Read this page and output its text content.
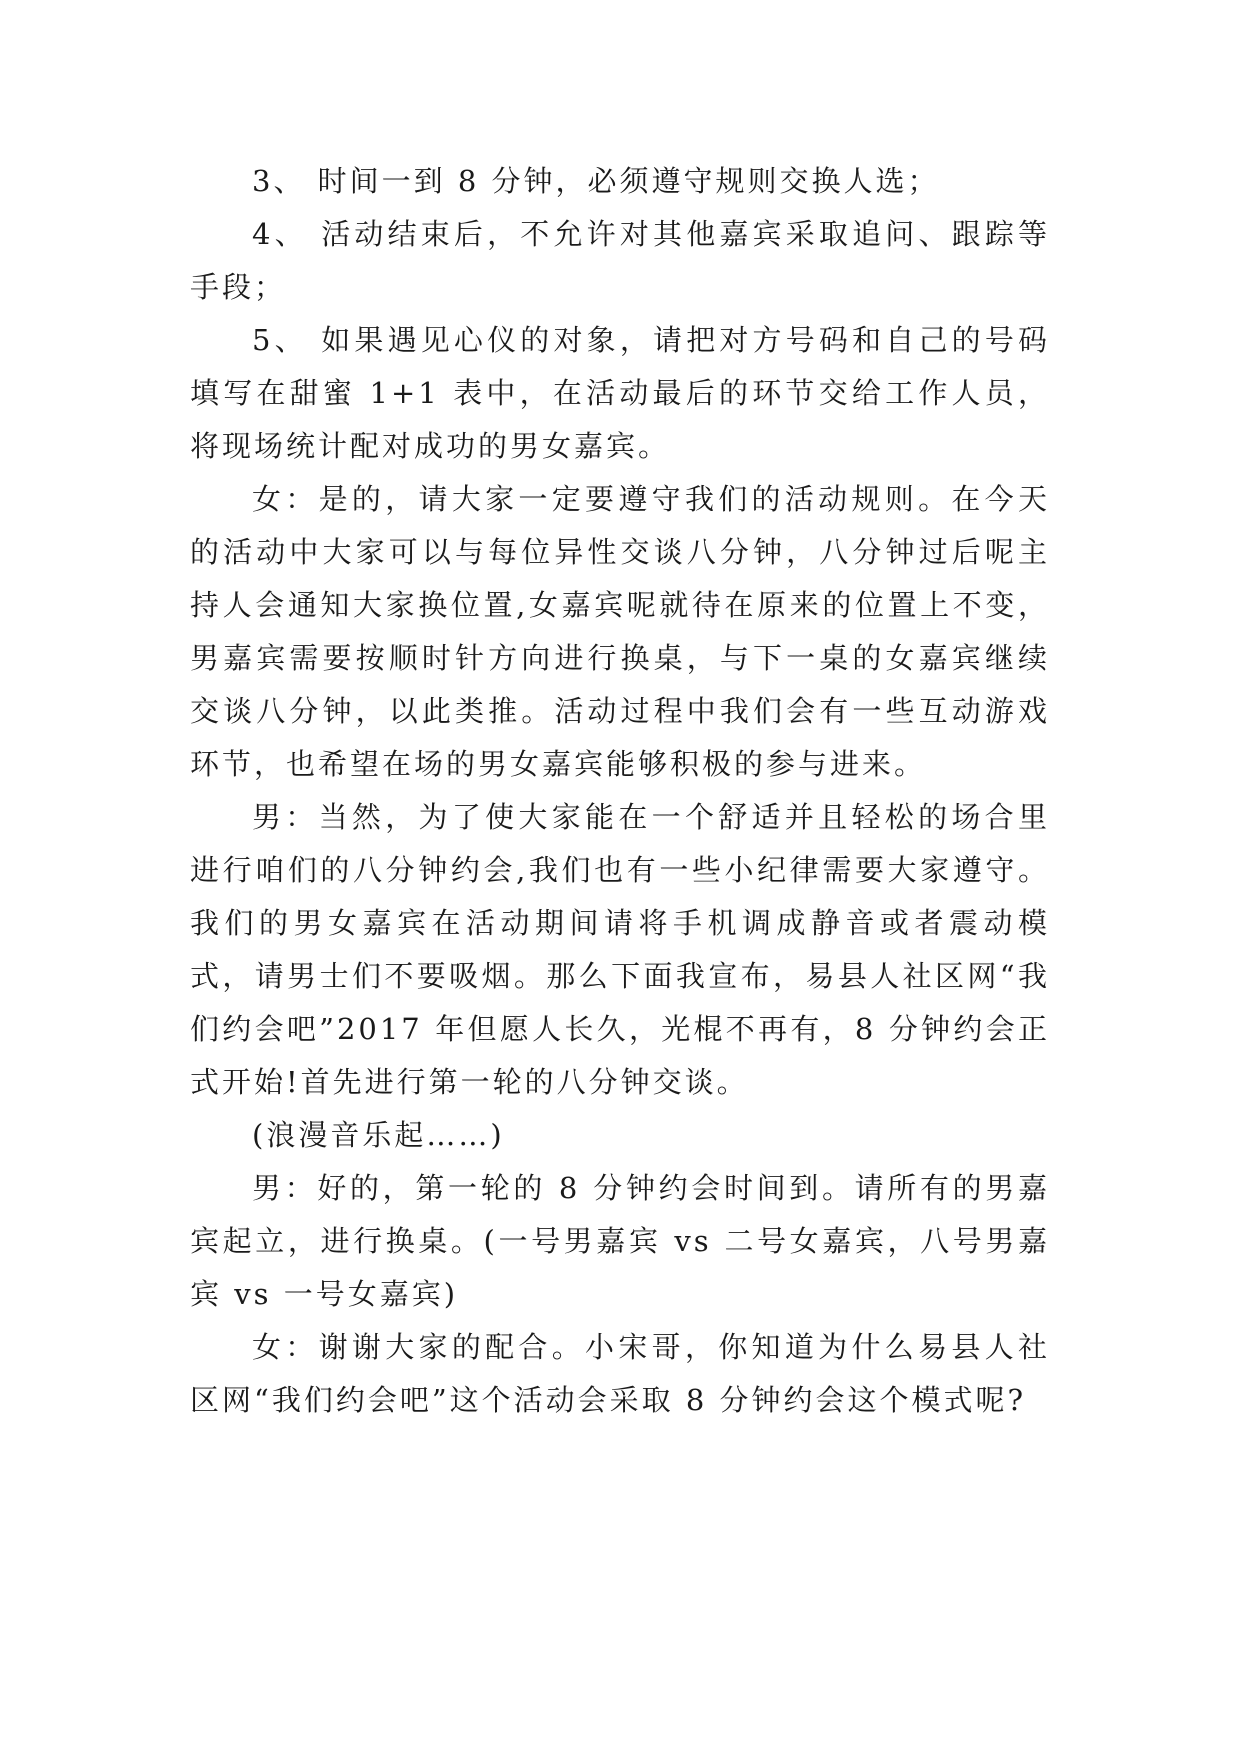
3、 时间一到 8 分钟，必须遵守规则交换人选；

4、 活动结束后，不允许对其他嘉宾采取追问、跟踪等手段；

5、 如果遇见心仪的对象，请把对方号码和自己的号码填写在甜蜜 1+1 表中，在活动最后的环节交给工作人员，将现场统计配对成功的男女嘉宾。

女：是的，请大家一定要遵守我们的活动规则。在今天的活动中大家可以与每位异性交谈八分钟，八分钟过后呢主持人会通知大家换位置,女嘉宾呢就待在原来的位置上不变，男嘉宾需要按顺时针方向进行换桌，与下一桌的女嘉宾继续交谈八分钟，以此类推。活动过程中我们会有一些互动游戏环节，也希望在场的男女嘉宾能够积极的参与进来。

男：当然，为了使大家能在一个舒适并且轻松的场合里进行咱们的八分钟约会,我们也有一些小纪律需要大家遵守。我们的男女嘉宾在活动期间请将手机调成静音或者震动模式，请男士们不要吸烟。那么下面我宣布，易县人社区网“我们约会吧”2017 年但愿人长久，光棍不再有，8 分钟约会正式开始!首先进行第一轮的八分钟交谈。

(浪漫音乐起……)

男：好的，第一轮的 8 分钟约会时间到。请所有的男嘉宾起立，进行换桌。(一号男嘉宾 vs 二号女嘉宾，八号男嘉宾 vs 一号女嘉宾)

女：谢谢大家的配合。小宋哥，你知道为什么易县人社区网“我们约会吧”这个活动会采取 8 分钟约会这个模式呢?
